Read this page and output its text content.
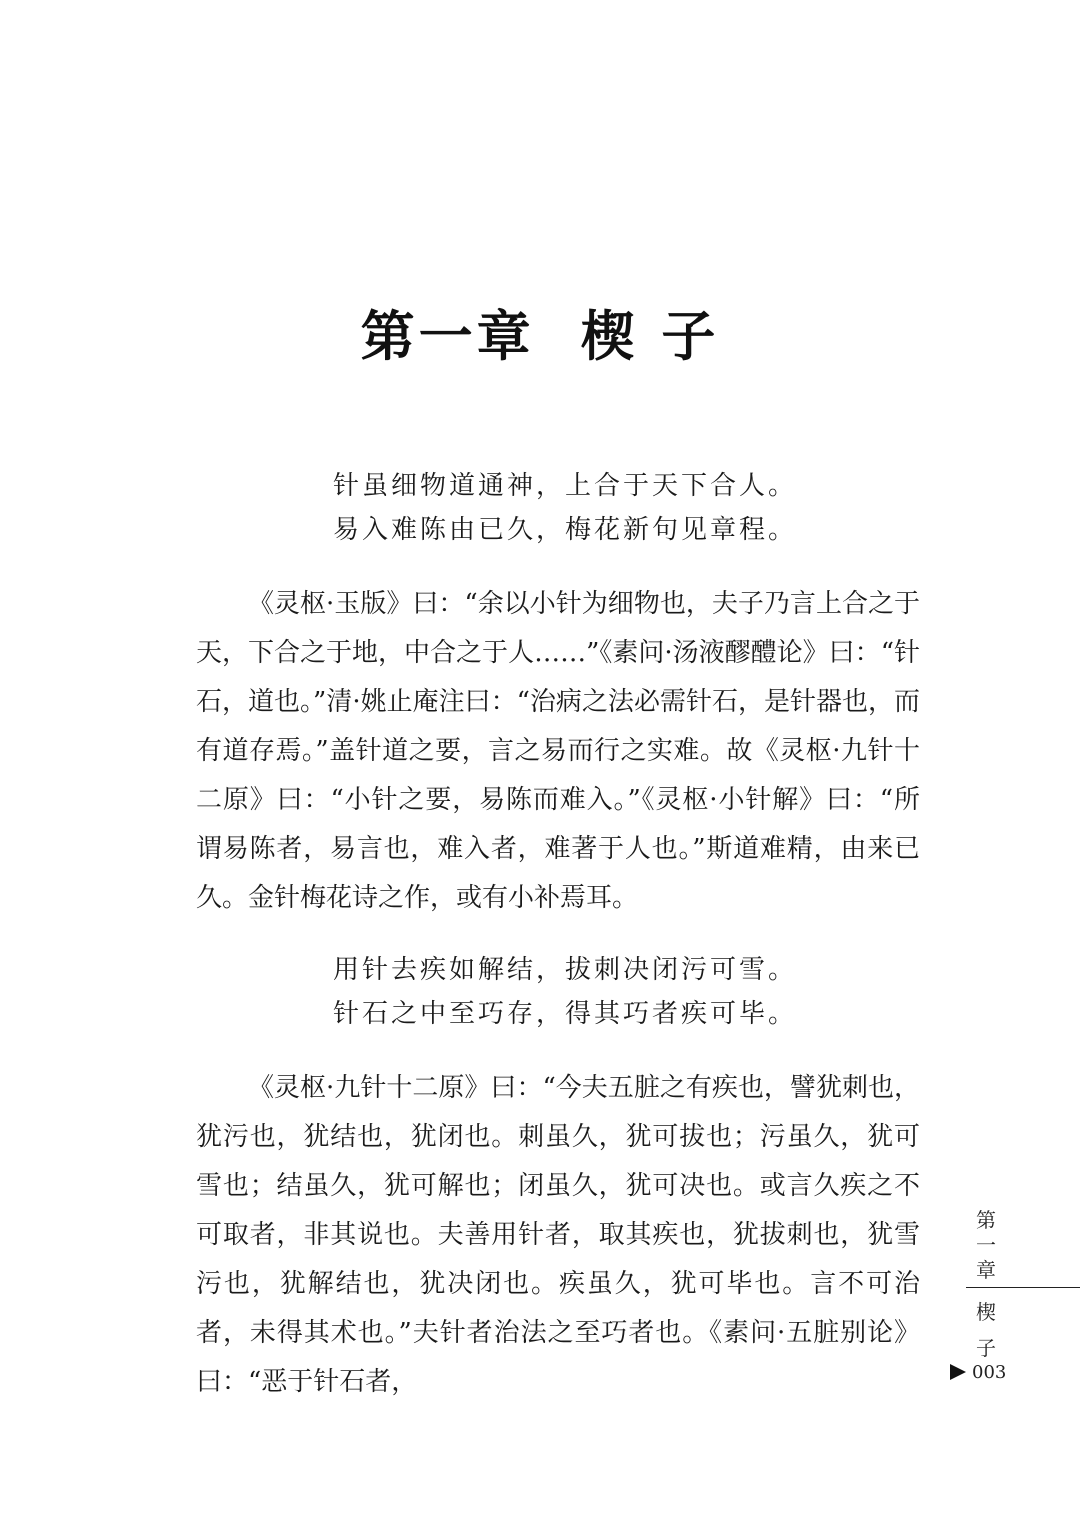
第一章 楔 子
针虽细物道通神，上合于天下合人。
易入难陈由已久，梅花新句见章程。

《灵枢·玉版》曰：“余以小针为细物也，夫子乃言上合之于天，下合之于地，中合之于人……”《素问·汤液醪醴论》曰：“针石，道也。”清·姚止庵注曰：“治病之法必需针石，是针器也，而有道存焉。”盖针道之要，言之易而行之实难。故《灵枢·九针十二原》曰：“小针之要，易陈而难入。”《灵枢·小针解》曰：“所谓易陈者，易言也，难入者，难著于人也。”斯道难精，由来已久。金针梅花诗之作，或有小补焉耳。

用针去疾如解结，拔刺决闭污可雪。
针石之中至巧存，得其巧者疾可毕。

《灵枢·九针十二原》曰：“今夫五脏之有疾也，譬犹刺也，犹污也，犹结也，犹闭也。刺虽久，犹可拔也；污虽久，犹可雪也；结虽久，犹可解也；闭虽久，犹可决也。或言久疾之不可取者，非其说也。夫善用针者，取其疾也，犹拔刺也，犹雪污也，犹解结也，犹决闭也。疾虽久，犹可毕也。言不可治者，未得其术也。”夫针者治法之至巧者也。《素问·五脏别论》曰：“恶于针石者，

第
一
章
楔
子
003
